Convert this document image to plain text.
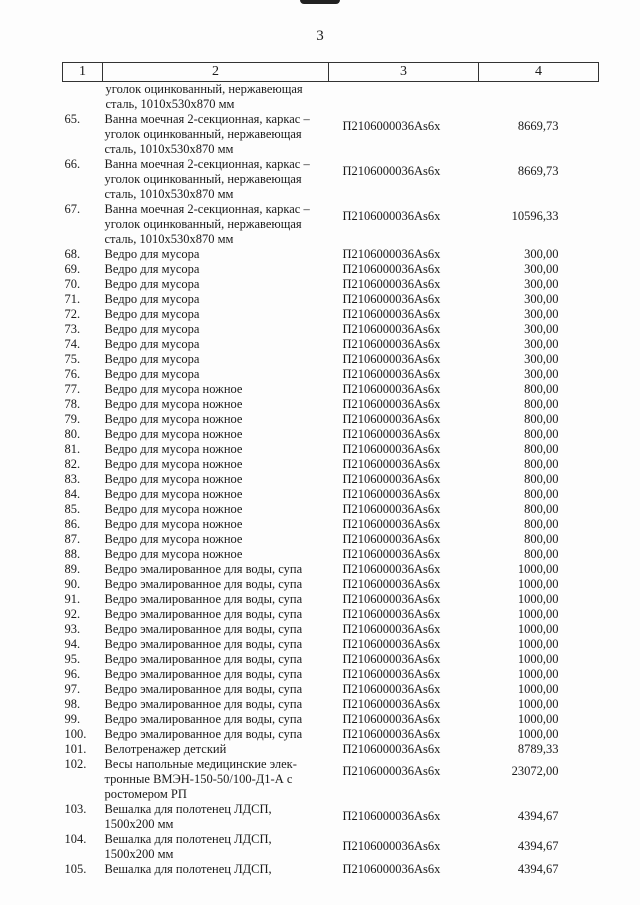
3
1	2	3	4

	уголок оцинкованный, нержавеющая
сталь, 1010x530x870 мм		

65.	Ванна моечная 2-секционная, каркас –
уголок оцинкованный, нержавеющая
сталь, 1010x530x870 мм	П2106000036Аs6x	8669,73
66.	Ванна моечная 2-секционная, каркас –
уголок оцинкованный, нержавеющая
сталь, 1010x530x870 мм	П2106000036Аs6x	8669,73
67.	Ванна моечная 2-секционная, каркас –
уголок оцинкованный, нержавеющая
сталь, 1010x530x870 мм	П2106000036Аs6x	10596,33
68.	Ведро для мусора	П2106000036Аs6x	300,00
69.	Ведро для мусора	П2106000036Аs6x	300,00
70.	Ведро для мусора	П2106000036Аs6x	300,00
71.	Ведро для мусора	П2106000036Аs6x	300,00
72.	Ведро для мусора	П2106000036Аs6x	300,00
73.	Ведро для мусора	П2106000036Аs6x	300,00
74.	Ведро для мусора	П2106000036Аs6x	300,00
75.	Ведро для мусора	П2106000036Аs6x	300,00
76.	Ведро для мусора	П2106000036Аs6x	300,00
77.	Ведро для мусора ножное	П2106000036Аs6x	800,00
78.	Ведро для мусора ножное	П2106000036Аs6x	800,00
79.	Ведро для мусора ножное	П2106000036Аs6x	800,00
80.	Ведро для мусора ножное	П2106000036Аs6x	800,00
81.	Ведро для мусора ножное	П2106000036Аs6x	800,00
82.	Ведро для мусора ножное	П2106000036Аs6x	800,00
83.	Ведро для мусора ножное	П2106000036Аs6x	800,00
84.	Ведро для мусора ножное	П2106000036Аs6x	800,00
85.	Ведро для мусора ножное	П2106000036Аs6x	800,00
86.	Ведро для мусора ножное	П2106000036Аs6x	800,00
87.	Ведро для мусора ножное	П2106000036Аs6x	800,00
88.	Ведро для мусора ножное	П2106000036Аs6x	800,00
89.	Ведро эмалированное для воды, супа	П2106000036Аs6x	1000,00
90.	Ведро эмалированное для воды, супа	П2106000036Аs6x	1000,00
91.	Ведро эмалированное для воды, супа	П2106000036Аs6x	1000,00
92.	Ведро эмалированное для воды, супа	П2106000036Аs6x	1000,00
93.	Ведро эмалированное для воды, супа	П2106000036Аs6x	1000,00
94.	Ведро эмалированное для воды, супа	П2106000036Аs6x	1000,00
95.	Ведро эмалированное для воды, супа	П2106000036Аs6x	1000,00
96.	Ведро эмалированное для воды, супа	П2106000036Аs6x	1000,00
97.	Ведро эмалированное для воды, супа	П2106000036Аs6x	1000,00
98.	Ведро эмалированное для воды, супа	П2106000036Аs6x	1000,00
99.	Ведро эмалированное для воды, супа	П2106000036Аs6x	1000,00
100.	Ведро эмалированное для воды, супа	П2106000036Аs6x	1000,00
101.	Велотренажер детский	П2106000036Аs6x	8789,33
102.	Весы напольные медицинские элек-
тронные ВМЭН-150-50/100-Д1-А с
ростомером РП	П2106000036Аs6x	23072,00
103.	Вешалка для полотенец ЛДСП,
1500x200 мм	П2106000036Аs6x	4394,67
104.	Вешалка для полотенец ЛДСП,
1500x200 мм	П2106000036Аs6x	4394,67
105.	Вешалка для полотенец ЛДСП,	П2106000036Аs6x	4394,67
